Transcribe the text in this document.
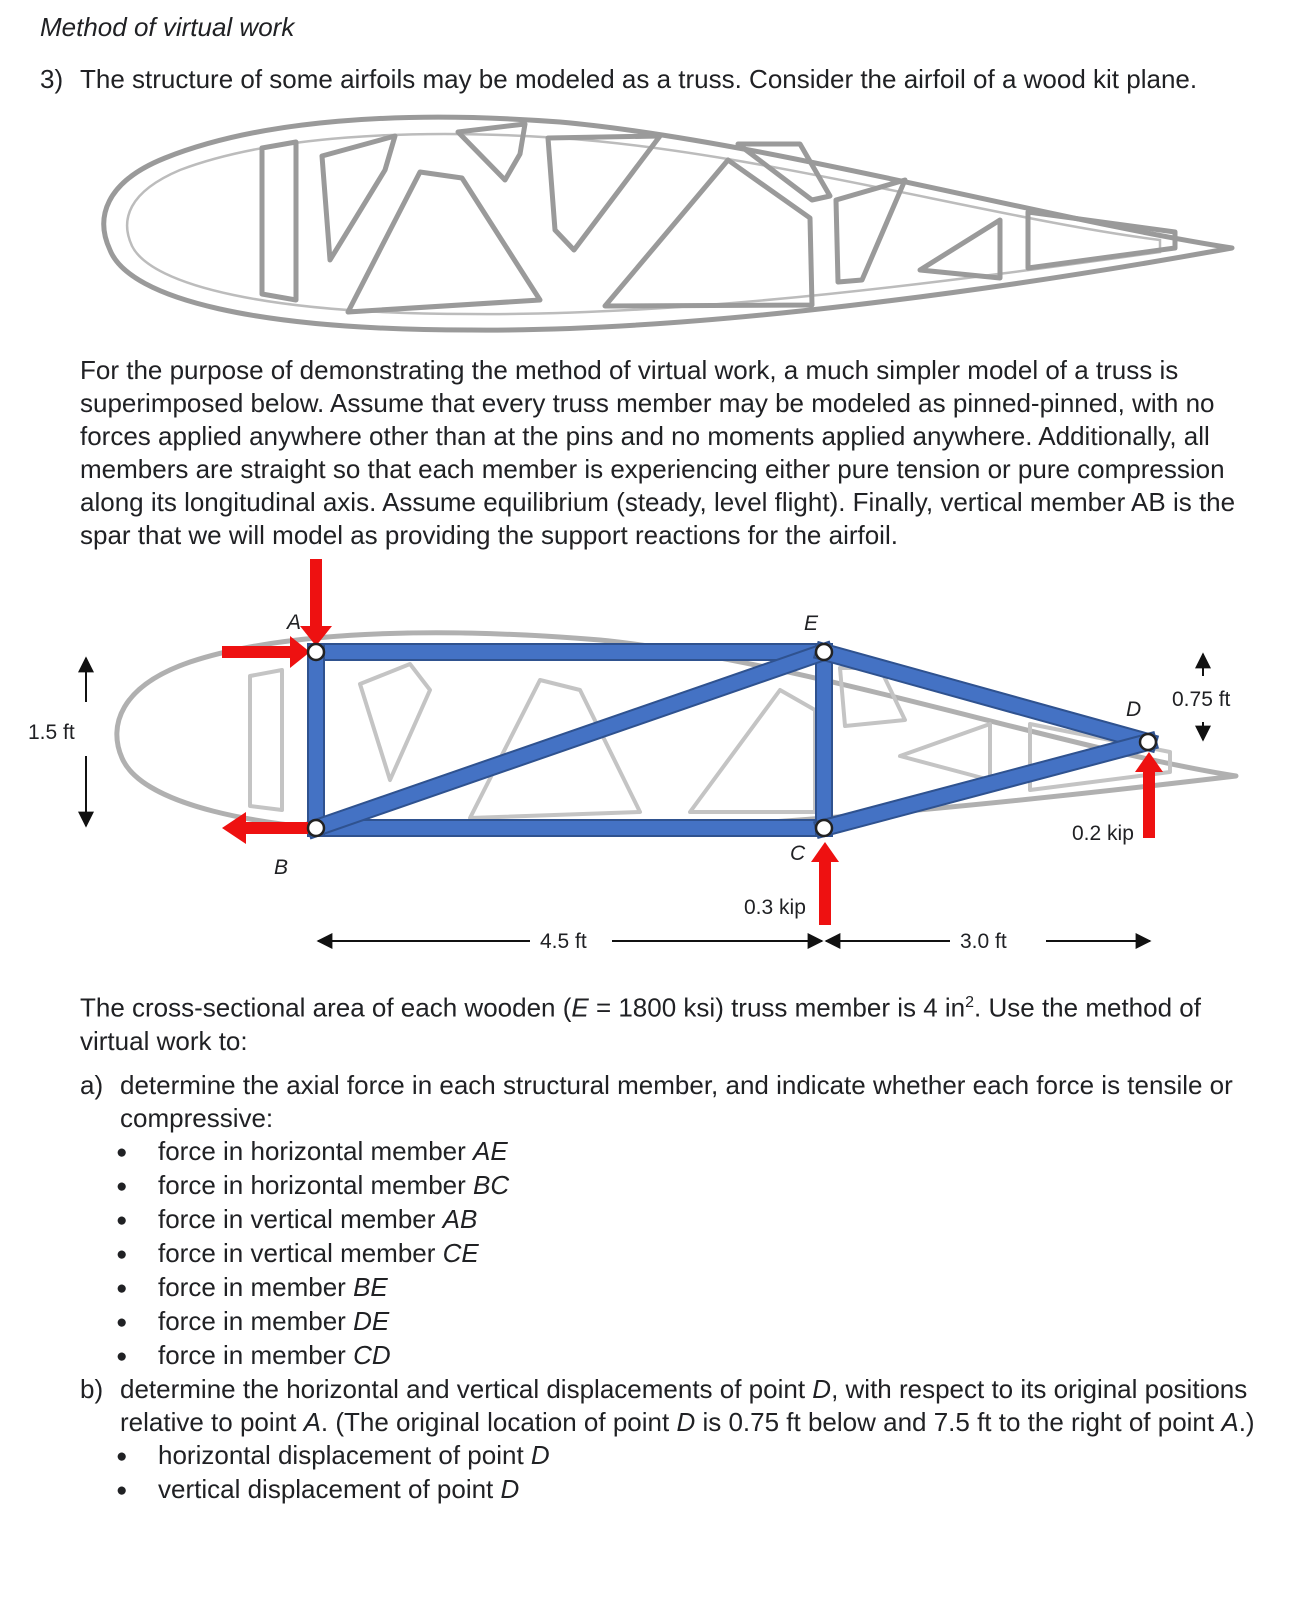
Method of virtual work
3) The structure of some airfoils may be modeled as a truss. Consider the airfoil of a wood kit plane.
For the purpose of demonstrating the method of virtual work, a much simpler model of a truss is superimposed below. Assume that every truss member may be modeled as pinned-pinned, with no forces applied anywhere other than at the pins and no moments applied anywhere. Additionally, all members are straight so that each member is experiencing either pure tension or pure compression along its longitudinal axis. Assume equilibrium (steady, level flight). Finally, vertical member AB is the spar that we will model as providing the support reactions for the airfoil.
A
B
C
D
E
1.5 ft
0.75 ft
4.5 ft	3.0 ft
0.3 kip
0.2 kip
The cross-sectional area of each wooden (E = 1800 ksi) truss member is 4 $in^2$. Use the method of virtual work to:
a) determine the axial force in each structural member, and indicate whether each force is tensile or compressive:
● force in horizontal member AE
● force in horizontal member BC
● force in vertical member AB
● force in vertical member CE
● force in member BE
● force in member DE
● force in member CD
b) determine the horizontal and vertical displacements of point D, with respect to its original positions relative to point A. (The original location of point D is 0.75 ft below and 7.5 ft to the right of point A.)
● horizontal displacement of point D
● vertical displacement of point D
